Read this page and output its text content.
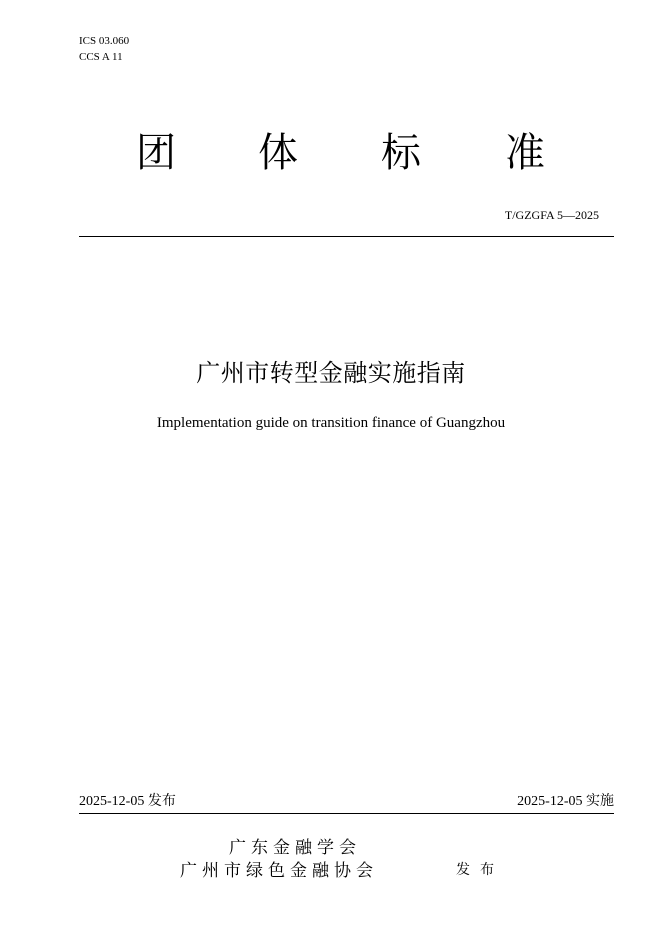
ICS 03.060
CCS A 11
团 体 标 准
T/GZGFA 5—2025
广州市转型金融实施指南
Implementation guide on transition finance of Guangzhou
2025-12-05 发布	2025-12-05 实施
广东金融学会
广州市绿色金融协会	发布
